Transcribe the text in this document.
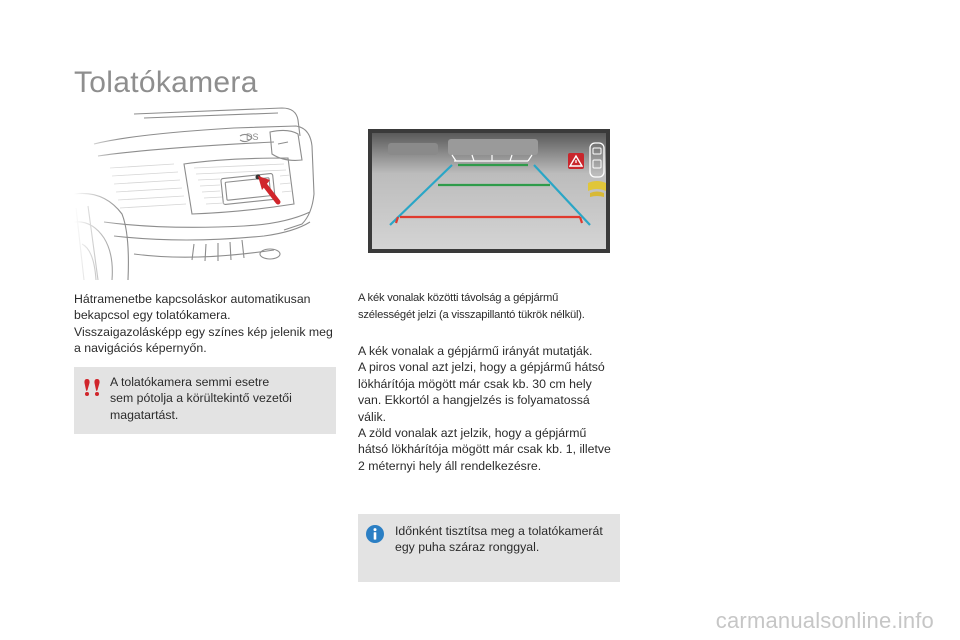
Tolatókamera
Hátramenetbe kapcsoláskor automatikusan
bekapcsol egy tolatókamera.
Visszaigazolásképp egy színes kép jelenik meg
a navigációs képernyőn.
A tolatókamera semmi esetre
sem pótolja a körültekintő vezetői
magatartást.
A kék vonalak közötti távolság a gépjármű
szélességét jelzi (a visszapillantó tükrök nélkül).
A kék vonalak a gépjármű irányát mutatják.
A piros vonal azt jelzi, hogy a gépjármű hátsó
lökhárítója mögött már csak kb. 30 cm hely
van. Ekkortól a hangjelzés is folyamatossá
válik.
A zöld vonalak azt jelzik, hogy a gépjármű
hátsó lökhárítója mögött már csak kb. 1, illetve
2 méternyi hely áll rendelkezésre.
Időnként tisztítsa meg a tolatókamerát
egy puha száraz ronggyal.
carmanualsonline.info
